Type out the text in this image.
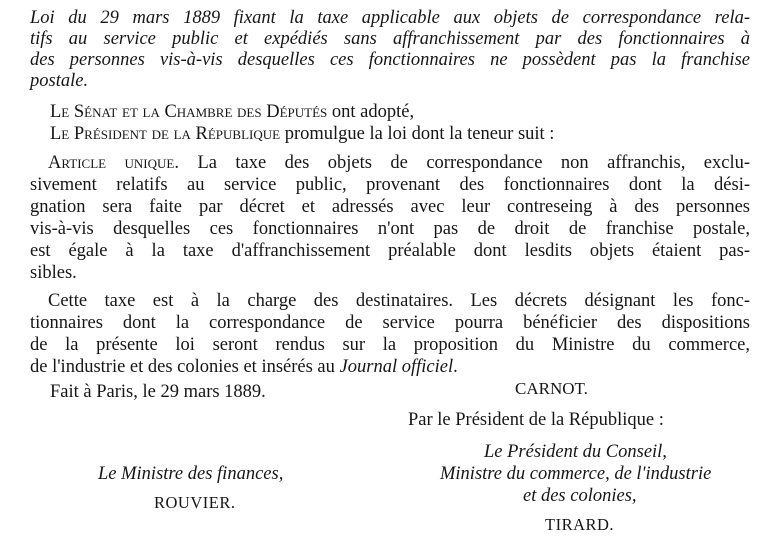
Loi du 29 mars 1889 fixant la taxe applicable aux objets de correspondance rela-
tifs au service public et expédiés sans affranchissement par des fonctionnaires à
des personnes vis-à-vis desquelles ces fonctionnaires ne possèdent pas la franchise
postale.
Le Sénat et la Chambre des Députés ont adopté,
Le Président de la République promulgue la loi dont la teneur suit :
Article unique. La taxe des objets de correspondance non affranchis, exclu-
sivement relatifs au service public, provenant des fonctionnaires dont la dési-
gnation sera faite par décret et adressés avec leur contreseing à des personnes
vis-à-vis desquelles ces fonctionnaires n'ont pas de droit de franchise postale,
est égale à la taxe d'affranchissement préalable dont lesdits objets étaient pas-
sibles.
Cette taxe est à la charge des destinataires. Les décrets désignant les fonc-
tionnaires dont la correspondance de service pourra bénéficier des dispositions
de la présente loi seront rendus sur la proposition du Ministre du commerce,
de l'industrie et des colonies et insérés au Journal officiel.
Fait à Paris, le 29 mars 1889.	CARNOT.
Par le Président de la République :
Le Président du Conseil,
Le Ministre des finances,	Ministre du commerce, de l'industrie
et des colonies,
ROUVIER.
TIRARD.
